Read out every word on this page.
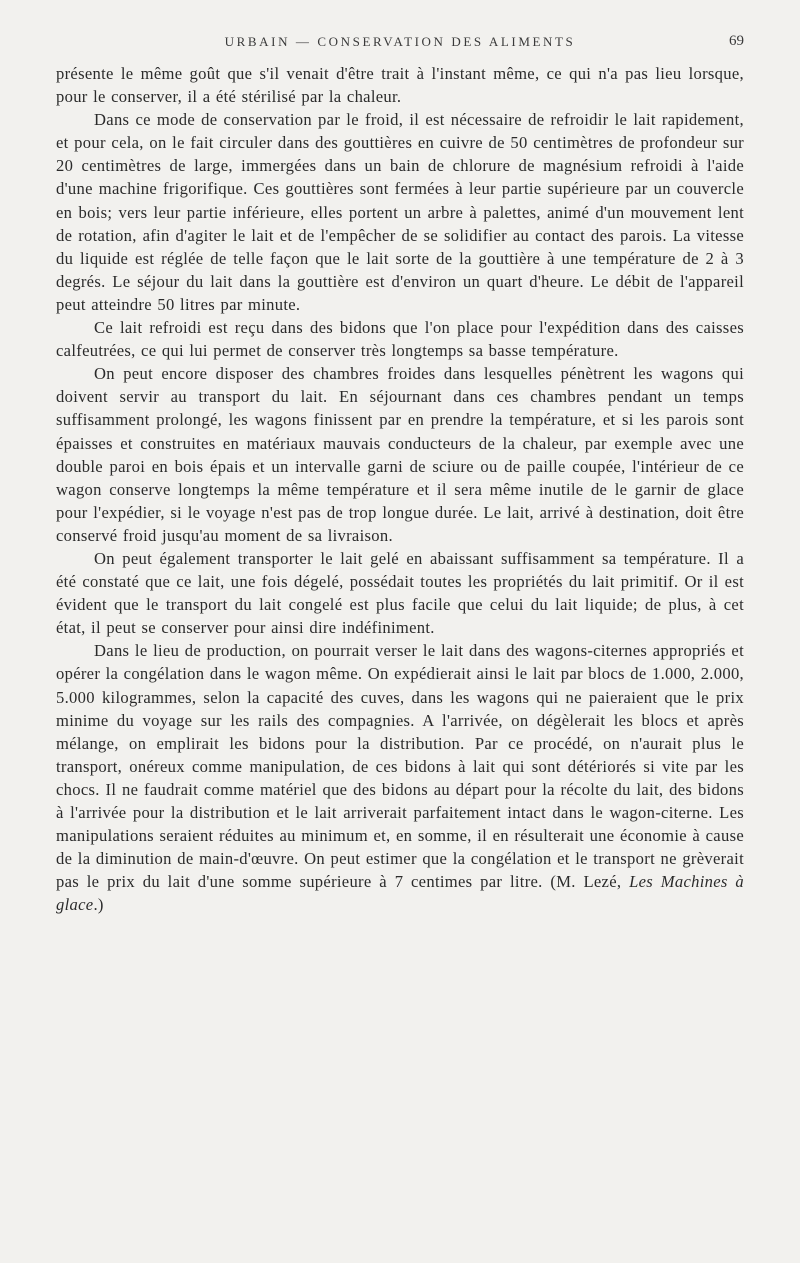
URBAIN — CONSERVATION DES ALIMENTS	69

présente le même goût que s'il venait d'être trait à l'instant même, ce qui n'a pas lieu lorsque, pour le conserver, il a été stérilisé par la chaleur.

Dans ce mode de conservation par le froid, il est nécessaire de refroidir le lait rapidement, et pour cela, on le fait circuler dans des gouttières en cuivre de 50 centimètres de profondeur sur 20 centimètres de large, immergées dans un bain de chlorure de magnésium refroidi à l'aide d'une machine frigorifique. Ces gouttières sont fermées à leur partie supérieure par un couvercle en bois; vers leur partie inférieure, elles portent un arbre à palettes, animé d'un mouvement lent de rotation, afin d'agiter le lait et de l'empêcher de se solidifier au contact des parois. La vitesse du liquide est réglée de telle façon que le lait sorte de la gouttière à une température de 2 à 3 degrés. Le séjour du lait dans la gouttière est d'environ un quart d'heure. Le débit de l'appareil peut atteindre 50 litres par minute.

Ce lait refroidi est reçu dans des bidons que l'on place pour l'expédition dans des caisses calfeutrées, ce qui lui permet de conserver très longtemps sa basse température.

On peut encore disposer des chambres froides dans lesquelles pénètrent les wagons qui doivent servir au transport du lait. En séjournant dans ces chambres pendant un temps suffisamment prolongé, les wagons finissent par en prendre la température, et si les parois sont épaisses et construites en matériaux mauvais conducteurs de la chaleur, par exemple avec une double paroi en bois épais et un intervalle garni de sciure ou de paille coupée, l'intérieur de ce wagon conserve longtemps la même température et il sera même inutile de le garnir de glace pour l'expédier, si le voyage n'est pas de trop longue durée. Le lait, arrivé à destination, doit être conservé froid jusqu'au moment de sa livraison.

On peut également transporter le lait gelé en abaissant suffisamment sa température. Il a été constaté que ce lait, une fois dégelé, possédait toutes les propriétés du lait primitif. Or il est évident que le transport du lait congelé est plus facile que celui du lait liquide; de plus, à cet état, il peut se conserver pour ainsi dire indéfiniment.

Dans le lieu de production, on pourrait verser le lait dans des wagons-citernes appropriés et opérer la congélation dans le wagon même. On expédierait ainsi le lait par blocs de 1.000, 2.000, 5.000 kilogrammes, selon la capacité des cuves, dans les wagons qui ne paieraient que le prix minime du voyage sur les rails des compagnies. A l'arrivée, on dégèlerait les blocs et après mélange, on emplirait les bidons pour la distribution. Par ce procédé, on n'aurait plus le transport, onéreux comme manipulation, de ces bidons à lait qui sont détériorés si vite par les chocs. Il ne faudrait comme matériel que des bidons au départ pour la récolte du lait, des bidons à l'arrivée pour la distribution et le lait arriverait parfaitement intact dans le wagon-citerne. Les manipulations seraient réduites au minimum et, en somme, il en résulterait une économie à cause de la diminution de main-d'œuvre. On peut estimer que la congélation et le transport ne grèverait pas le prix du lait d'une somme supérieure à 7 centimes par litre. (M. Lezé, Les Machines à glace.)
